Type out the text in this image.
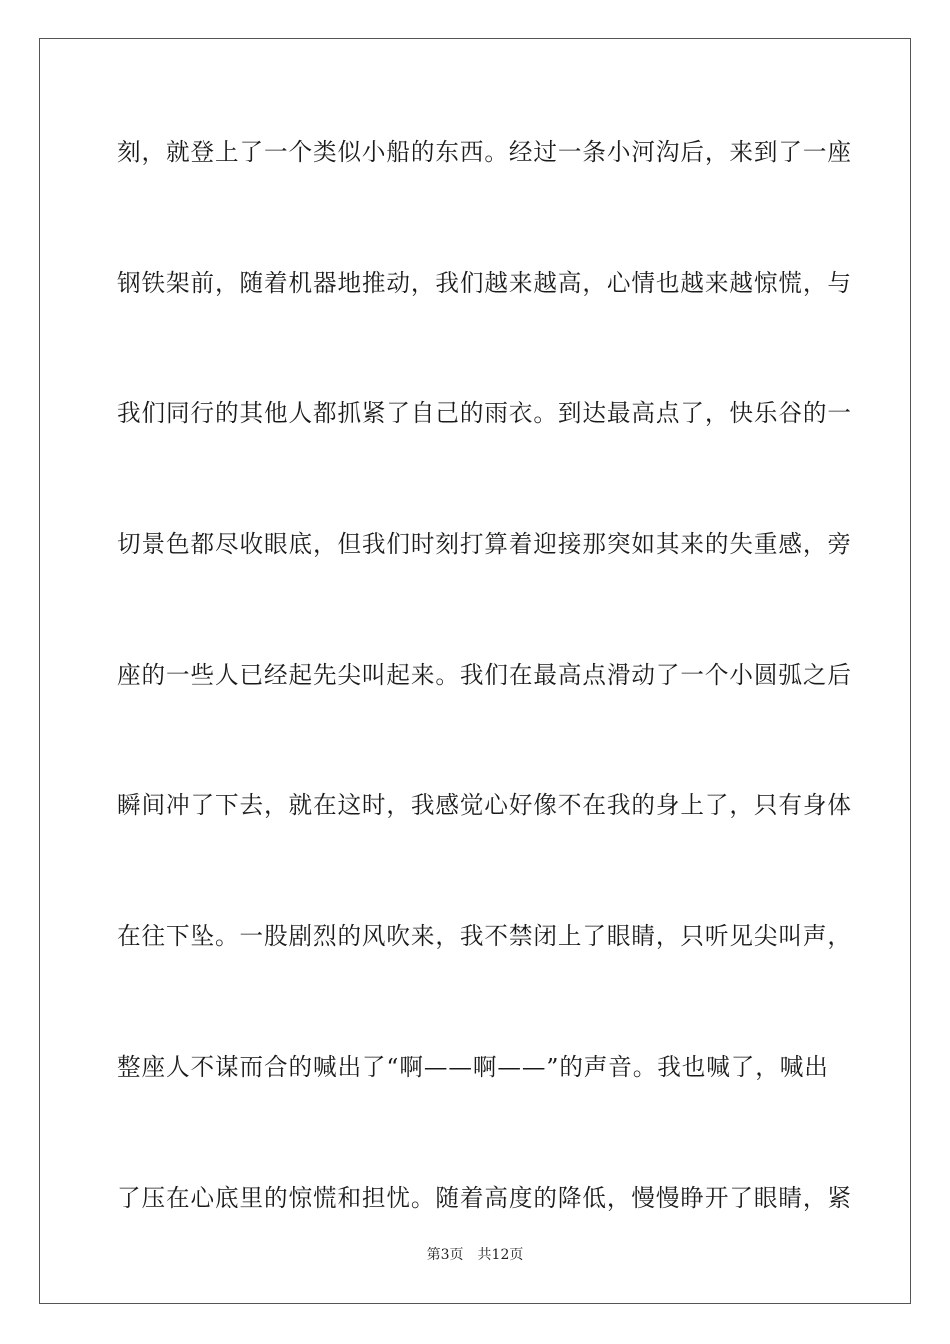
刻，就登上了一个类似小船的东西。经过一条小河沟后，来到了一座
钢铁架前，随着机器地推动，我们越来越高，心情也越来越惊慌，与
我们同行的其他人都抓紧了自己的雨衣。到达最高点了，快乐谷的一
切景色都尽收眼底，但我们时刻打算着迎接那突如其来的失重感，旁
座的一些人已经起先尖叫起来。我们在最高点滑动了一个小圆弧之后
瞬间冲了下去，就在这时，我感觉心好像不在我的身上了，只有身体
在往下坠。一股剧烈的风吹来，我不禁闭上了眼睛，只听见尖叫声，
整座人不谋而合的喊出了“啊——啊——”的声音。我也喊了，喊出
了压在心底里的惊慌和担忧。随着高度的降低，慢慢睁开了眼睛，紧
第3页 共12页
